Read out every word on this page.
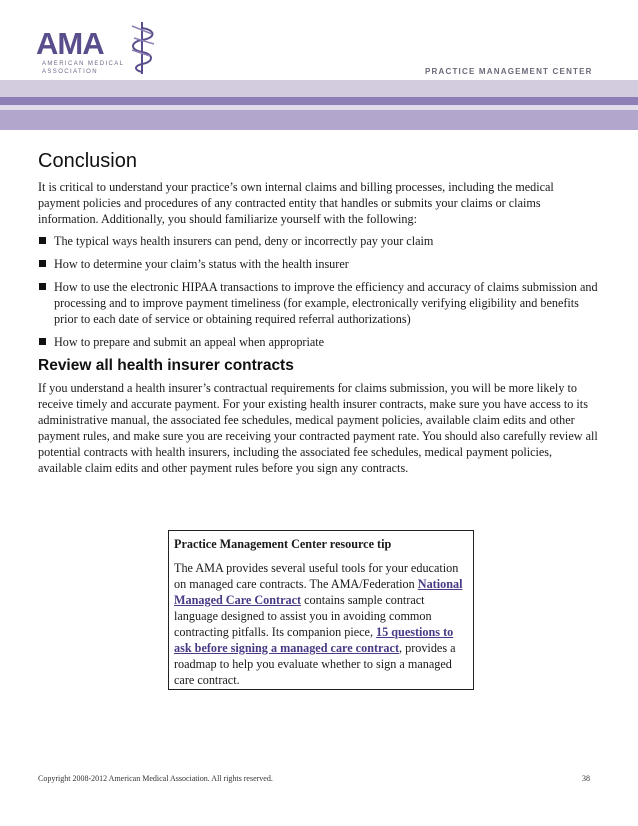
AMA
AMERICAN MEDICAL ASSOCIATION	PRACTICE MANAGEMENT CENTER
Conclusion

It is critical to understand your practice’s own internal claims and billing processes, including the medical payment policies and procedures of any contracted entity that handles or submits your claims or claims information. Additionally, you should familiarize yourself with the following:

The typical ways health insurers can pend, deny or incorrectly pay your claim
How to determine your claim’s status with the health insurer
How to use the electronic HIPAA transactions to improve the efficiency and accuracy of claims submission and processing and to improve payment timeliness (for example, electronically verifying eligibility and benefits prior to each date of service or obtaining required referral authorizations)
How to prepare and submit an appeal when appropriate
Review all health insurer contracts

If you understand a health insurer’s contractual requirements for claims submission, you will be more likely to receive timely and accurate payment. For your existing health insurer contracts, make sure you have access to its administrative manual, the associated fee schedules, medical payment policies, available claim edits and other payment rules, and make sure you are receiving your contracted payment rate. You should also carefully review all potential contracts with health insurers, including the associated fee schedules, medical payment policies, available claim edits and other payment rules before you sign any contracts.

Practice Management Center resource tip
The AMA provides several useful tools for your education on managed care contracts. The AMA/Federation National Managed Care Contract contains sample contract language designed to assist you in avoiding common contracting pitfalls. Its companion piece, 15 questions to ask before signing a managed care contract, provides a roadmap to help you evaluate whether to sign a managed care contract.
Copyright 2008-2012 American Medical Association. All rights reserved.	38
